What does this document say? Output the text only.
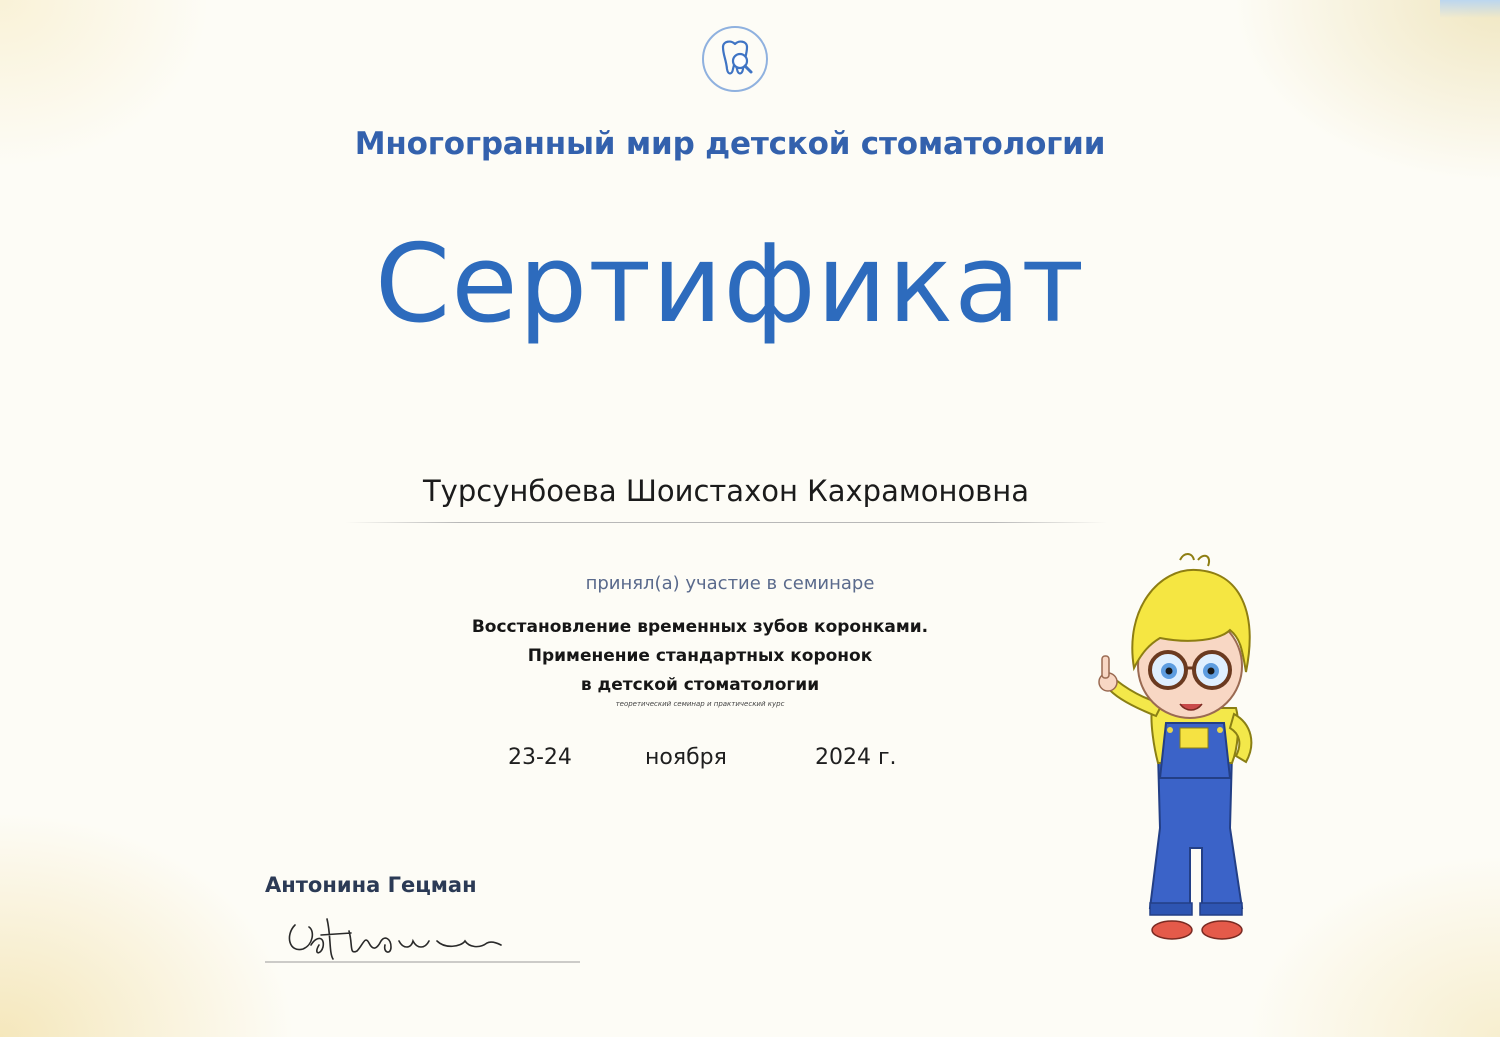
Многогранный мир детской стоматологии
Сертификат
Турсунбоева Шоистахон Кахрамоновна
принял(а) участие в семинаре
Восстановление временных зубов коронками.
Применение стандартных коронок
в детской стоматологии
теоретический семинар и практический курс
23-24	ноября	2024 г.
Антонина Гецман
